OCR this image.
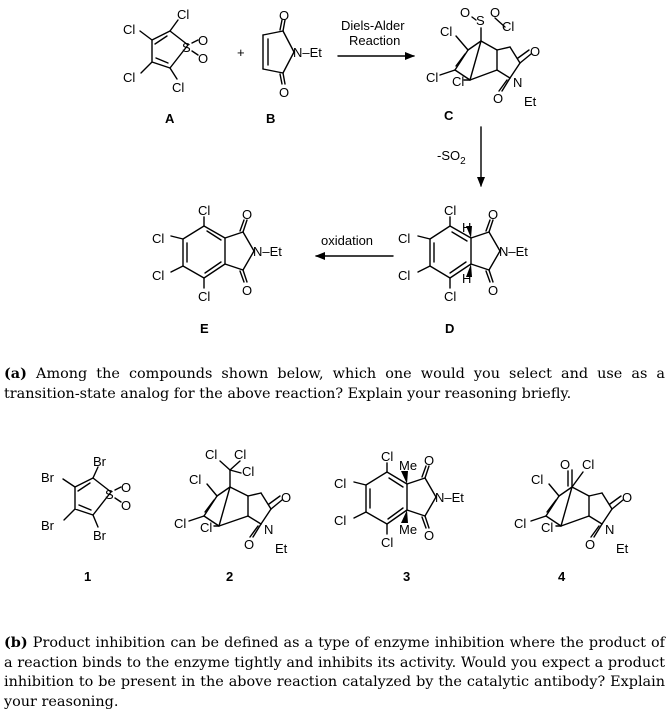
Cl
Cl
Cl
Cl
S O
O +
O
O
N–Et
Diels-Alder
Reaction
O
S
O
Cl
Cl
Cl Cl
O
O
N
Et
$-SO_2$
Cl
Cl
Cl
Cl
H
H
O
O
N–Et
oxidation
Cl
Cl
Cl
Cl
O
O
N–Et
Br
Br
Br
Br
S O
O
Cl Cl
Cl
Cl
Cl Cl
O
O
N
Et
Cl
Cl
Cl
Cl
Me
Me
O
O
N–Et
O Cl
Cl
Cl Cl
O
O
N
Et
A	B	C
D
E
1	2	3	4

(a) Among the compounds shown below, which one would you select and use as a transition-state analog for the above reaction? Explain your reasoning briefly.

(b) Product inhibition can be defined as a type of enzyme inhibition where the product of a reaction binds to the enzyme tightly and inhibits its activity. Would you expect a product inhibition to be present in the above reaction catalyzed by the catalytic antibody? Explain your reasoning.
